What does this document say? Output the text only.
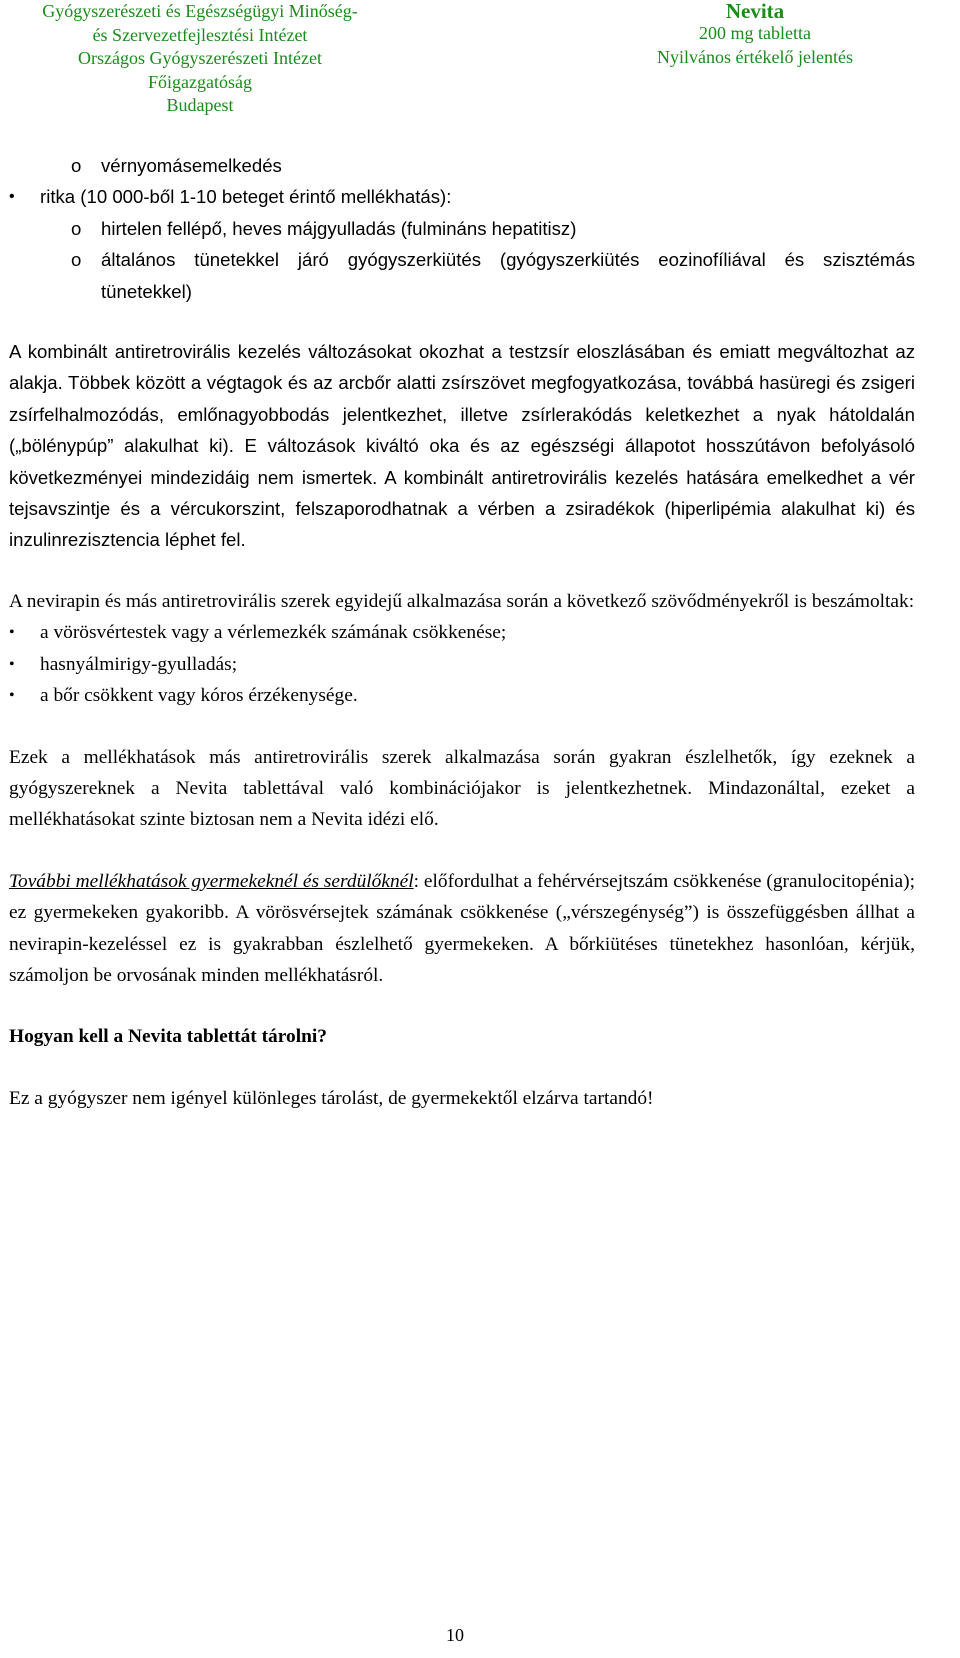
Gyógyszerészeti és Egészségügyi Minőség-
és Szervezetfejlesztési Intézet
Országos Gyógyszerészeti Intézet
Főigazgatóság
Budapest
Nevita
200 mg tabletta
Nyilvános értékelő jelentés
o vérnyomásemelkedés
• ritka (10 000-ből 1-10 beteget érintő mellékhatás):
o hirtelen fellépő, heves májgyulladás (fulmináns hepatitisz)
o általános tünetekkel járó gyógyszerkiütés (gyógyszerkiütés eozinofíliával és szisztémás tünetekkel)

A kombinált antiretrovirális kezelés változásokat okozhat a testzsír eloszlásában és emiatt megváltozhat az alakja. Többek között a végtagok és az arcbőr alatti zsírszövet megfogyatkozása, továbbá hasüregi és zsigeri zsírfelhalmozódás, emlőnagyobbodás jelentkezhet, illetve zsírlerakódás keletkezhet a nyak hátoldalán („bölénypúp” alakulhat ki). E változások kiváltó oka és az egészségi állapotot hosszútávon befolyásoló következményei mindezidáig nem ismertek. A kombinált antiretrovirális kezelés hatására emelkedhet a vér tejsavszintje és a vércukorszint, felszaporodhatnak a vérben a zsiradékok (hiperlipémia alakulhat ki) és inzulinrezisztencia léphet fel.

A nevirapin és más antiretrovirális szerek egyidejű alkalmazása során a következő szövődményekről is beszámoltak:

• a vörösvértestek vagy a vérlemezkék számának csökkenése;
• hasnyálmirigy-gyulladás;
• a bőr csökkent vagy kóros érzékenysége.

Ezek a mellékhatások más antiretrovirális szerek alkalmazása során gyakran észlelhetők, így ezeknek a gyógyszereknek a Nevita tablettával való kombinációjakor is jelentkezhetnek. Mindazonáltal, ezeket a mellékhatásokat szinte biztosan nem a Nevita idézi elő.

További mellékhatások gyermekeknél és serdülőknél: előfordulhat a fehérvérsejtszám csökkenése (granulocitopénia); ez gyermekeken gyakoribb. A vörösvérsejtek számának csökkenése („vérszegénység”) is összefüggésben állhat a nevirapin-kezeléssel ez is gyakrabban észlelhető gyermekeken. A bőrkiütéses tünetekhez hasonlóan, kérjük, számoljon be orvosának minden mellékhatásról.

Hogyan kell a Nevita tablettát tárolni?

Ez a gyógyszer nem igényel különleges tárolást, de gyermekektől elzárva tartandó!

10
